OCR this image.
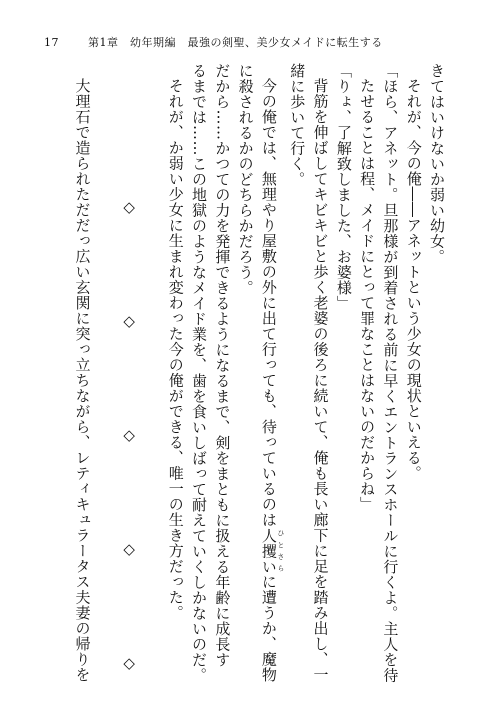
17	第1章　幼年期編　最強の剣聖、美少女メイドに転生する
きてはいけないか弱い幼女。
それが、今の俺――アネットという少女の現状といえる。
「ほら、アネット。旦那様が到着される前に早くエントランスホールに行くよ。主人を待
たせることは程、メイドにとって罪なことはないのだからね」
「りょ、了解致しました、お婆様」
背筋を伸ばしてキビキビと歩く老婆の後ろに続いて、俺も長い廊下に足を踏み出し、一
緒に歩いて行く。
今の俺では、無理やり屋敷の外に出て行っても、待っているのは人攫い ひとさらに遭うか、魔物
に殺されるかのどちらかだろう。
だから……かつての力を発揮できるようになるまで、剣をまともに扱える年齢に成長す
るまでは……この地獄のようなメイド業を、歯を食いしばって耐えていくしかないのだ。
それが、か弱い少女に生まれ変わった今の俺ができる、唯一の生き方だった。

◇◇◇◇◇

大理石で造られただだっ広い玄関に突っ立ちながら、レティキュラータス夫妻の帰りを
